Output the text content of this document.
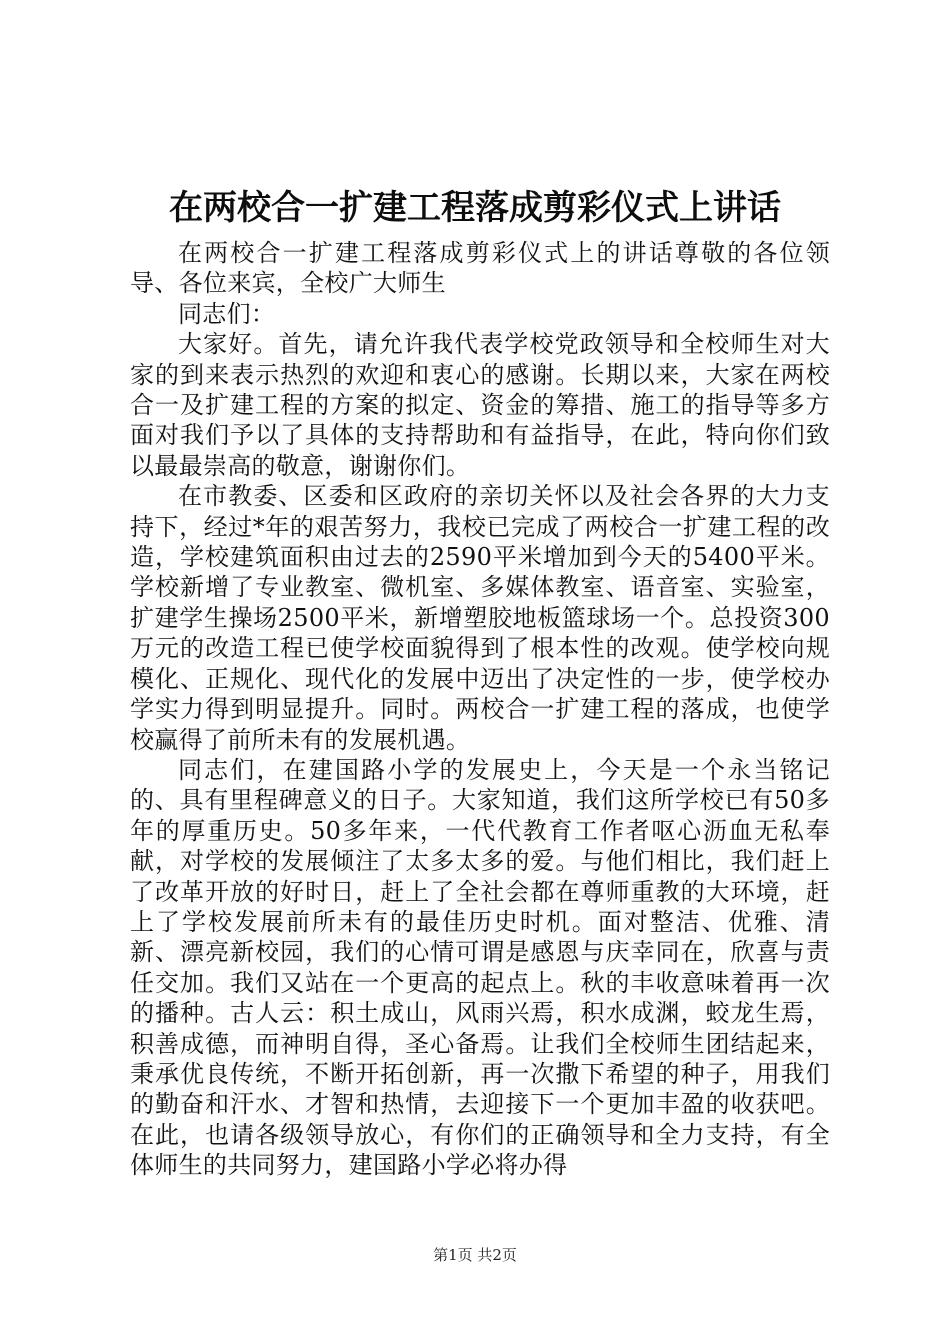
在两校合一扩建工程落成剪彩仪式上讲话

在两校合一扩建工程落成剪彩仪式上的讲话尊敬的各位领导、各位来宾，全校广大师生

同志们：

大家好。首先，请允许我代表学校党政领导和全校师生对大家的到来表示热烈的欢迎和衷心的感谢。长期以来，大家在两校合一及扩建工程的方案的拟定、资金的筹措、施工的指导等多方面对我们予以了具体的支持帮助和有益指导，在此，特向你们致以最最崇高的敬意，谢谢你们。

在市教委、区委和区政府的亲切关怀以及社会各界的大力支持下，经过*年的艰苦努力，我校已完成了两校合一扩建工程的改造，学校建筑面积由过去的2590平米增加到今天的5400平米。学校新增了专业教室、微机室、多媒体教室、语音室、实验室，扩建学生操场2500平米，新增塑胶地板篮球场一个。总投资300万元的改造工程已使学校面貌得到了根本性的改观。使学校向规模化、正规化、现代化的发展中迈出了决定性的一步，使学校办学实力得到明显提升。同时。两校合一扩建工程的落成，也使学校赢得了前所未有的发展机遇。

同志们，在建国路小学的发展史上，今天是一个永当铭记的、具有里程碑意义的日子。大家知道，我们这所学校已有50多年的厚重历史。50多年来，一代代教育工作者呕心沥血无私奉献，对学校的发展倾注了太多太多的爱。与他们相比，我们赶上了改革开放的好时日，赶上了全社会都在尊师重教的大环境，赶上了学校发展前所未有的最佳历史时机。面对整洁、优雅、清新、漂亮新校园，我们的心情可谓是感恩与庆幸同在，欣喜与责任交加。我们又站在一个更高的起点上。秋的丰收意味着再一次的播种。古人云：积土成山，风雨兴焉，积水成渊，蛟龙生焉，积善成德，而神明自得，圣心备焉。让我们全校师生团结起来，秉承优良传统，不断开拓创新，再一次撒下希望的种子，用我们的勤奋和汗水、才智和热情，去迎接下一个更加丰盈的收获吧。在此，也请各级领导放心，有你们的正确领导和全力支持，有全体师生的共同努力，建国路小学必将办得

第1页 共2页
